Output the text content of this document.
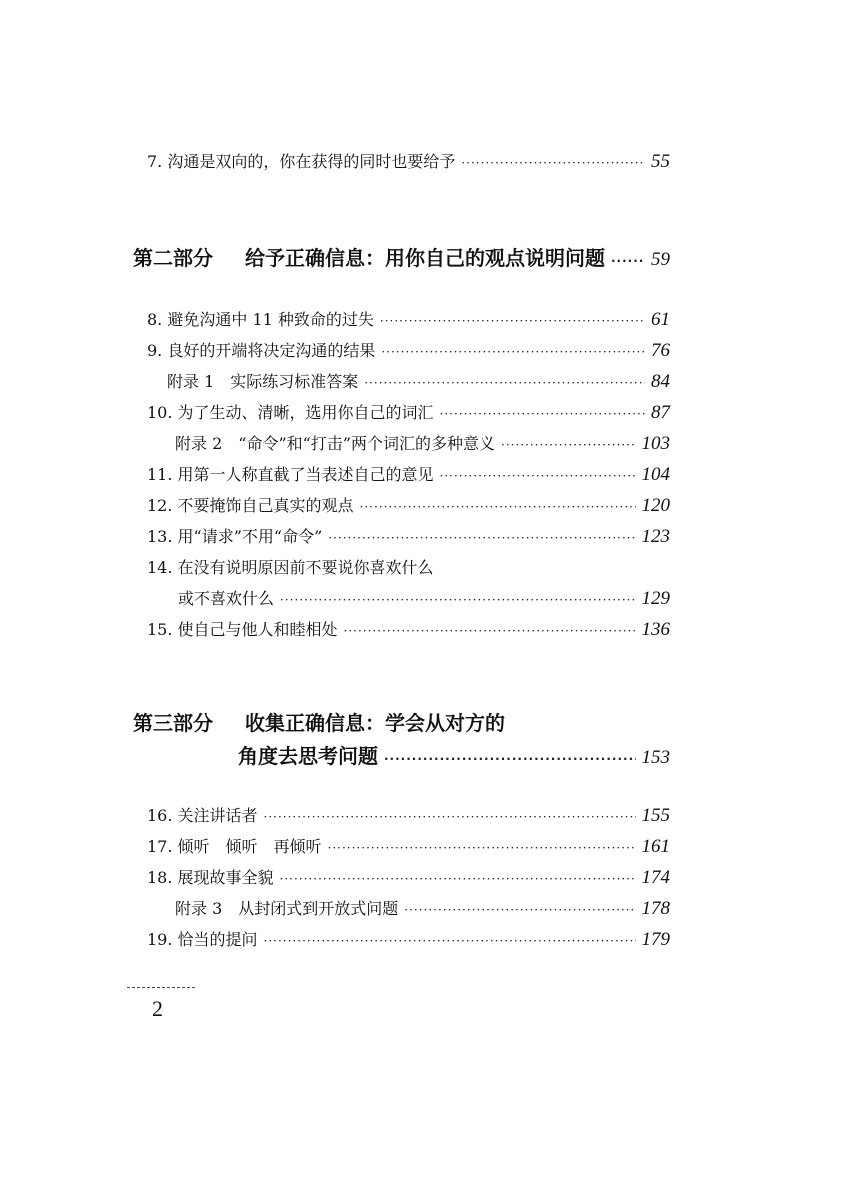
7. 沟通是双向的，你在获得的同时也要给予 ·····	55
第二部分 给予正确信息：用你自己的观点说明问题 ····· 59
8. 避免沟通中 11 种致命的过失 ·····	61
9. 良好的开端将决定沟通的结果 ·····	76
附录 1　实际练习标准答案 ·····	84
10. 为了生动、清晰，选用你自己的词汇 ·····	87
附录 2　“命令”和“打击”两个词汇的多种意义 ·····	103
11. 用第一人称直截了当表述自己的意见 ·····	104
12. 不要掩饰自己真实的观点 ·····	120
13. 用“请求”不用“命令” ·····	123
14. 在没有说明原因前不要说你喜欢什么
或不喜欢什么 ·····	129
15. 使自己与他人和睦相处 ·····	136
第三部分 收集正确信息：学会从对方的
角度去思考问题 ·····	153
16. 关注讲话者 ·····	155
17. 倾听　倾听　再倾听 ·····	161
18. 展现故事全貌 ·····	174
附录 3　从封闭式到开放式问题 ·····	178
19. 恰当的提问 ·····	179
2
